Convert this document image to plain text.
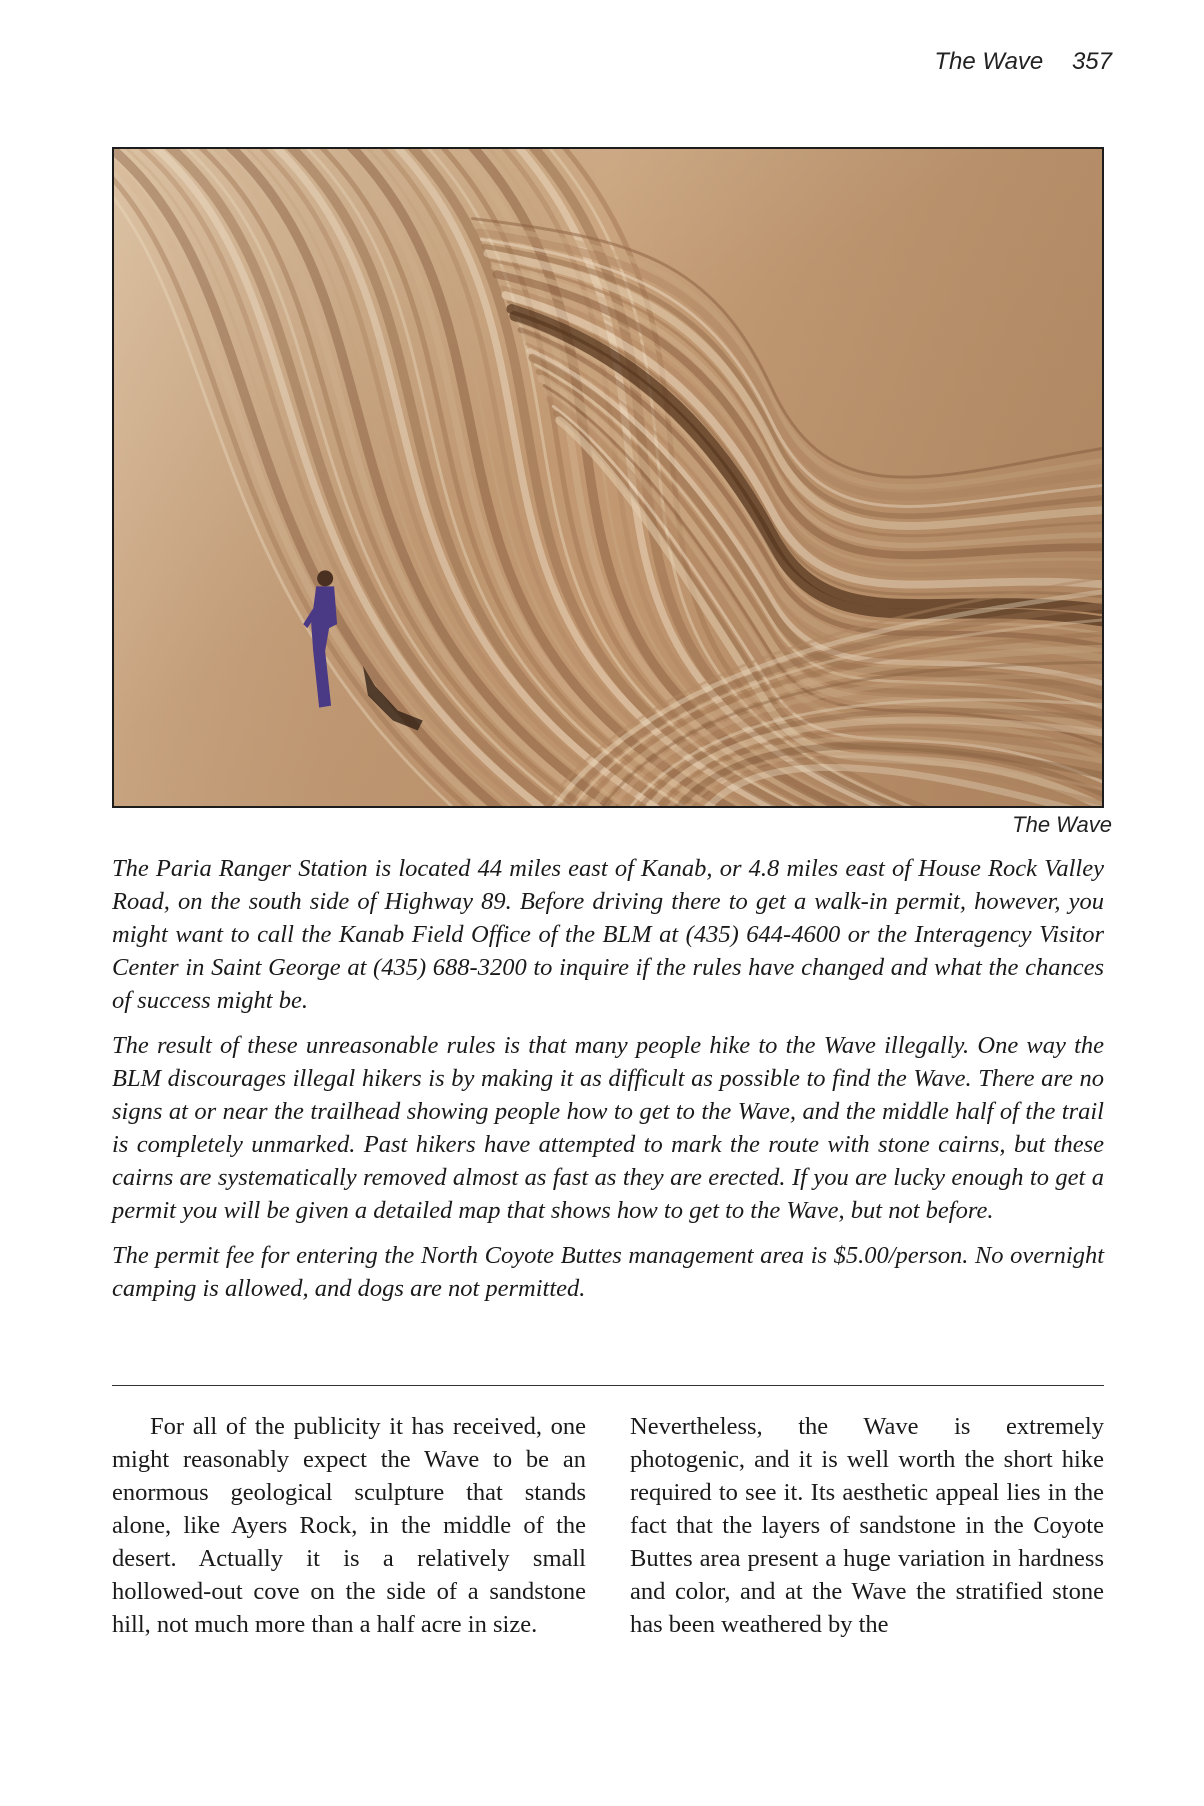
The Wave 357
The Wave

The Paria Ranger Station is located 44 miles east of Kanab, or 4.8 miles east of House Rock Valley Road, on the south side of Highway 89. Before driving there to get a walk-in permit, however, you might want to call the Kanab Field Office of the BLM at (435) 644-4600 or the Interagency Visitor Center in Saint George at (435) 688-3200 to inquire if the rules have changed and what the chances of success might be.

The result of these unreasonable rules is that many people hike to the Wave illegally. One way the BLM discourages illegal hikers is by making it as difficult as possible to find the Wave. There are no signs at or near the trailhead showing people how to get to the Wave, and the middle half of the trail is completely unmarked. Past hikers have attempted to mark the route with stone cairns, but these cairns are systematically removed almost as fast as they are erected. If you are lucky enough to get a permit you will be given a detailed map that shows how to get to the Wave, but not before.

The permit fee for entering the North Coyote Buttes management area is $5.00/person. No overnight camping is allowed, and dogs are not permitted.

For all of the publicity it has received, one might reasonably expect the Wave to be an enormous geological sculpture that stands alone, like Ayers Rock, in the middle of the desert. Actually it is a relatively small hollowed-out cove on the side of a sandstone hill, not much more than a half acre in size.

Nevertheless, the Wave is extremely photogenic, and it is well worth the short hike required to see it. Its aesthetic appeal lies in the fact that the layers of sandstone in the Coyote Buttes area present a huge variation in hardness and color, and at the Wave the stratified stone has been weathered by the
